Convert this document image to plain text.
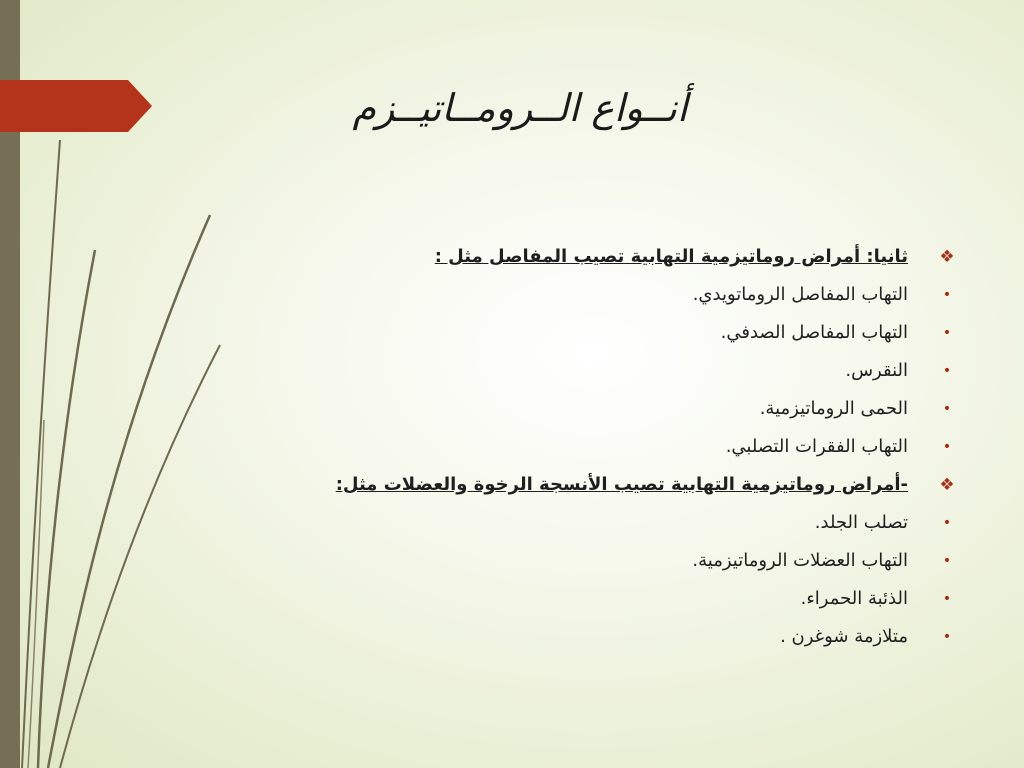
أنــواع الــرومــاتيــزم
❖
ثانيا: أمراض روماتيزمية التهابية تصيب المفاصل مثل :
•
التهاب المفاصل الروماتويدي.
•
التهاب المفاصل الصدفي.
•
النقرس.
•
الحمى الروماتيزمية.
•
التهاب الفقرات التصلبي.
❖
-أمراض روماتيزمية التهابية تصيب الأنسجة الرخوة والعضلات مثل:
•
تصلب الجلد.
•
التهاب العضلات الروماتيزمية.
•
الذئبة الحمراء.
•
متلازمة شوغرن .
